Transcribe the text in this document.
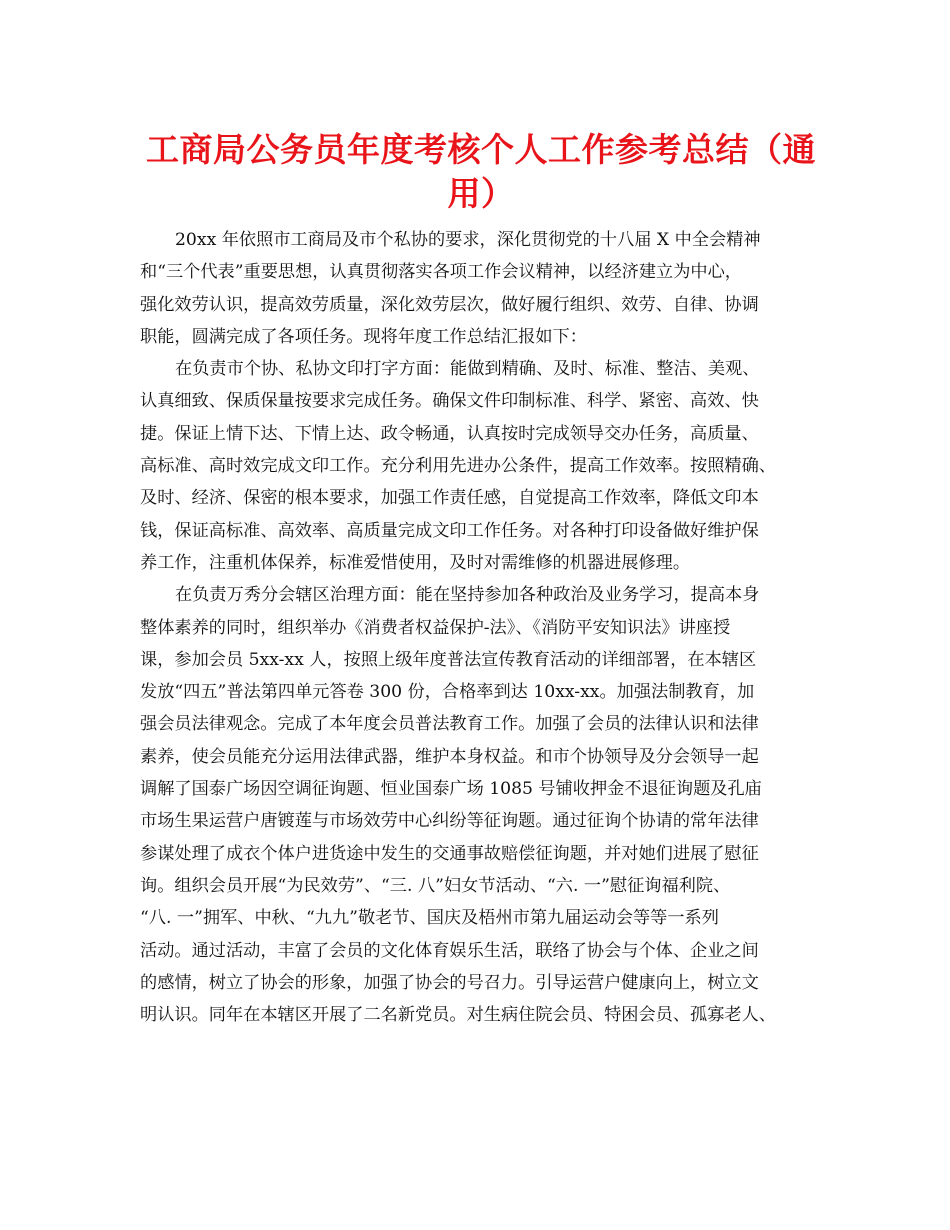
工商局公务员年度考核个人工作参考总结（通
用）

20xx 年依照市工商局及市个私协的要求，深化贯彻党的十八届 X 中全会精神
和“三个代表”重要思想，认真贯彻落实各项工作会议精神，以经济建立为中心，
强化效劳认识，提高效劳质量，深化效劳层次，做好履行组织、效劳、自律、协调
职能，圆满完成了各项任务。现将年度工作总结汇报如下：

在负责市个协、私协文印打字方面：能做到精确、及时、标准、整洁、美观、
认真细致、保质保量按要求完成任务。确保文件印制标准、科学、紧密、高效、快
捷。保证上情下达、下情上达、政令畅通，认真按时完成领导交办任务，高质量、
高标准、高时效完成文印工作。充分利用先进办公条件，提高工作效率。按照精确、
及时、经济、保密的根本要求，加强工作责任感，自觉提高工作效率，降低文印本
钱，保证高标准、高效率、高质量完成文印工作任务。对各种打印设备做好维护保
养工作，注重机体保养，标准爱惜使用，及时对需维修的机器进展修理。

在负责万秀分会辖区治理方面：能在坚持参加各种政治及业务学习，提高本身
整体素养的同时，组织举办《消费者权益保护-法》、《消防平安知识法》讲座授
课，参加会员 5xx-xx 人，按照上级年度普法宣传教育活动的详细部署，在本辖区
发放“四五”普法第四单元答卷 300 份，合格率到达 10xx-xx。加强法制教育，加
强会员法律观念。完成了本年度会员普法教育工作。加强了会员的法律认识和法律
素养，使会员能充分运用法律武器，维护本身权益。和市个协领导及分会领导一起
调解了国泰广场因空调征询题、恒业国泰广场 1085 号铺收押金不退征询题及孔庙
市场生果运营户唐镀莲与市场效劳中心纠纷等征询题。通过征询个协请的常年法律
参谋处理了成衣个体户进货途中发生的交通事故赔偿征询题，并对她们进展了慰征
询。组织会员开展“为民效劳”、“三. 八”妇女节活动、“六. 一”慰征询福利院、
“八. 一”拥军、中秋、“九九”敬老节、国庆及梧州市第九届运动会等等一系列
活动。通过活动，丰富了会员的文化体育娱乐生活，联络了协会与个体、企业之间
的感情，树立了协会的形象，加强了协会的号召力。引导运营户健康向上，树立文
明认识。同年在本辖区开展了二名新党员。对生病住院会员、特困会员、孤寡老人、
